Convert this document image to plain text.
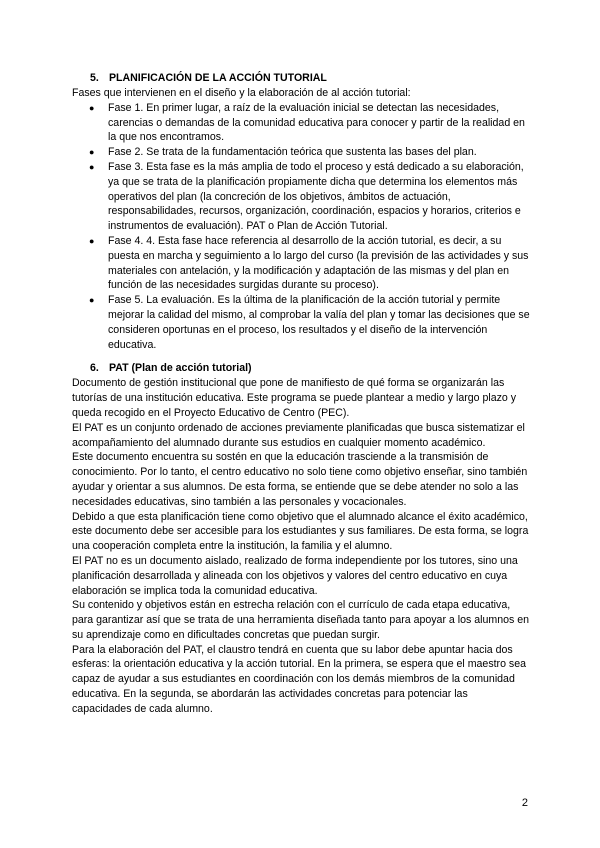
5. PLANIFICACIÓN DE LA ACCIÓN TUTORIAL

Fases que intervienen en el diseño y la elaboración de al acción tutorial:

● Fase 1. En primer lugar, a raíz de la evaluación inicial se detectan las necesidades, carencias o demandas de la comunidad educativa para conocer y partir de la realidad en la que nos encontramos.
● Fase 2. Se trata de la fundamentación teórica que sustenta las bases del plan.
● Fase 3. Esta fase es la más amplia de todo el proceso y está dedicado a su elaboración, ya que se trata de la planificación propiamente dicha que determina los elementos más operativos del plan (la concreción de los objetivos, ámbitos de actuación, responsabilidades, recursos, organización, coordinación, espacios y horarios, criterios e instrumentos de evaluación). PAT o Plan de Acción Tutorial.
● Fase 4. 4. Esta fase hace referencia al desarrollo de la acción tutorial, es decir, a su puesta en marcha y seguimiento a lo largo del curso (la previsión de las actividades y sus materiales con antelación, y la modificación y adaptación de las mismas y del plan en función de las necesidades surgidas durante su proceso).
● Fase 5. La evaluación. Es la última de la planificación de la acción tutorial y permite mejorar la calidad del mismo, al comprobar la valía del plan y tomar las decisiones que se consideren oportunas en el proceso, los resultados y el diseño de la intervención educativa.
6. PAT (Plan de acción tutorial)

Documento de gestión institucional que pone de manifiesto de qué forma se organizarán las tutorías de una institución educativa. Este programa se puede plantear a medio y largo plazo y queda recogido en el Proyecto Educativo de Centro (PEC).

El PAT es un conjunto ordenado de acciones previamente planificadas que busca sistematizar el acompañamiento del alumnado durante sus estudios en cualquier momento académico.

Este documento encuentra su sostén en que la educación trasciende a la transmisión de conocimiento. Por lo tanto, el centro educativo no solo tiene como objetivo enseñar, sino también ayudar y orientar a sus alumnos. De esta forma, se entiende que se debe atender no solo a las necesidades educativas, sino también a las personales y vocacionales.

Debido a que esta planificación tiene como objetivo que el alumnado alcance el éxito académico, este documento debe ser accesible para los estudiantes y sus familiares. De esta forma, se logra una cooperación completa entre la institución, la familia y el alumno.

El PAT no es un documento aislado, realizado de forma independiente por los tutores, sino una planificación desarrollada y alineada con los objetivos y valores del centro educativo en cuya elaboración se implica toda la comunidad educativa.

Su contenido y objetivos están en estrecha relación con el currículo de cada etapa educativa, para garantizar así que se trata de una herramienta diseñada tanto para apoyar a los alumnos en su aprendizaje como en dificultades concretas que puedan surgir.

Para la elaboración del PAT, el claustro tendrá en cuenta que su labor debe apuntar hacia dos esferas: la orientación educativa y la acción tutorial. En la primera, se espera que el maestro sea capaz de ayudar a sus estudiantes en coordinación con los demás miembros de la comunidad educativa. En la segunda, se abordarán las actividades concretas para potenciar las capacidades de cada alumno.

2
